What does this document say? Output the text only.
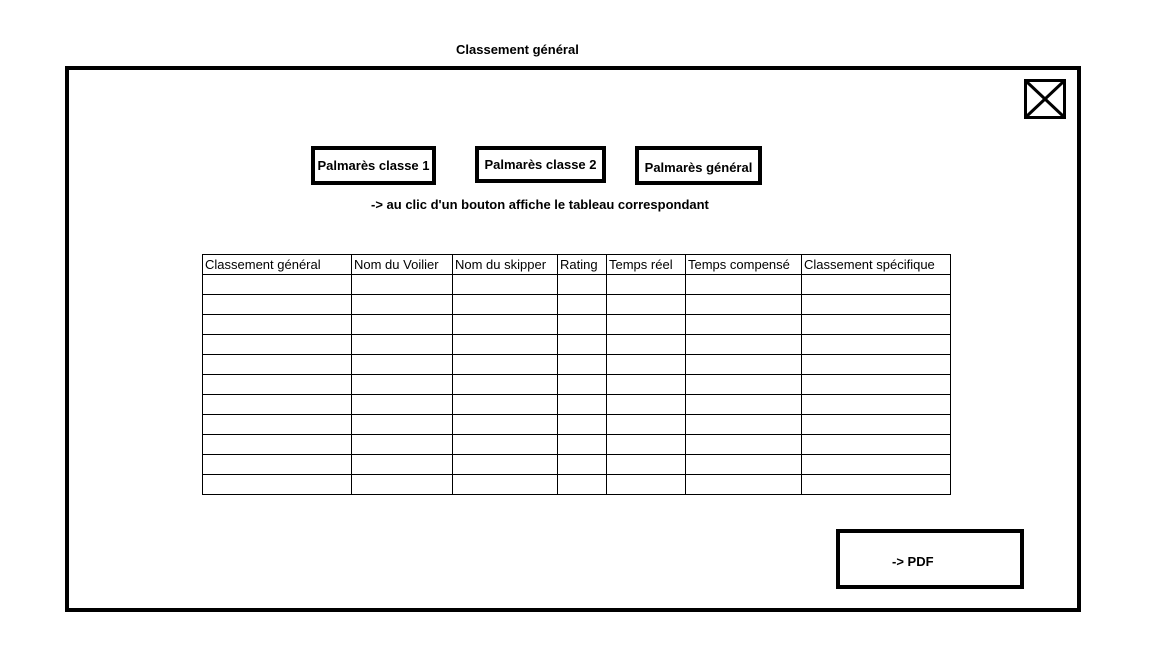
Classement général
Palmarès classe 1	Palmarès classe 2	Palmarès général
-> au clic d'un bouton affiche le tableau correspondant
Classement général	Nom du Voilier	Nom du skipper	Rating	Temps réel	Temps compensé	Classement spécifique

-> PDF
